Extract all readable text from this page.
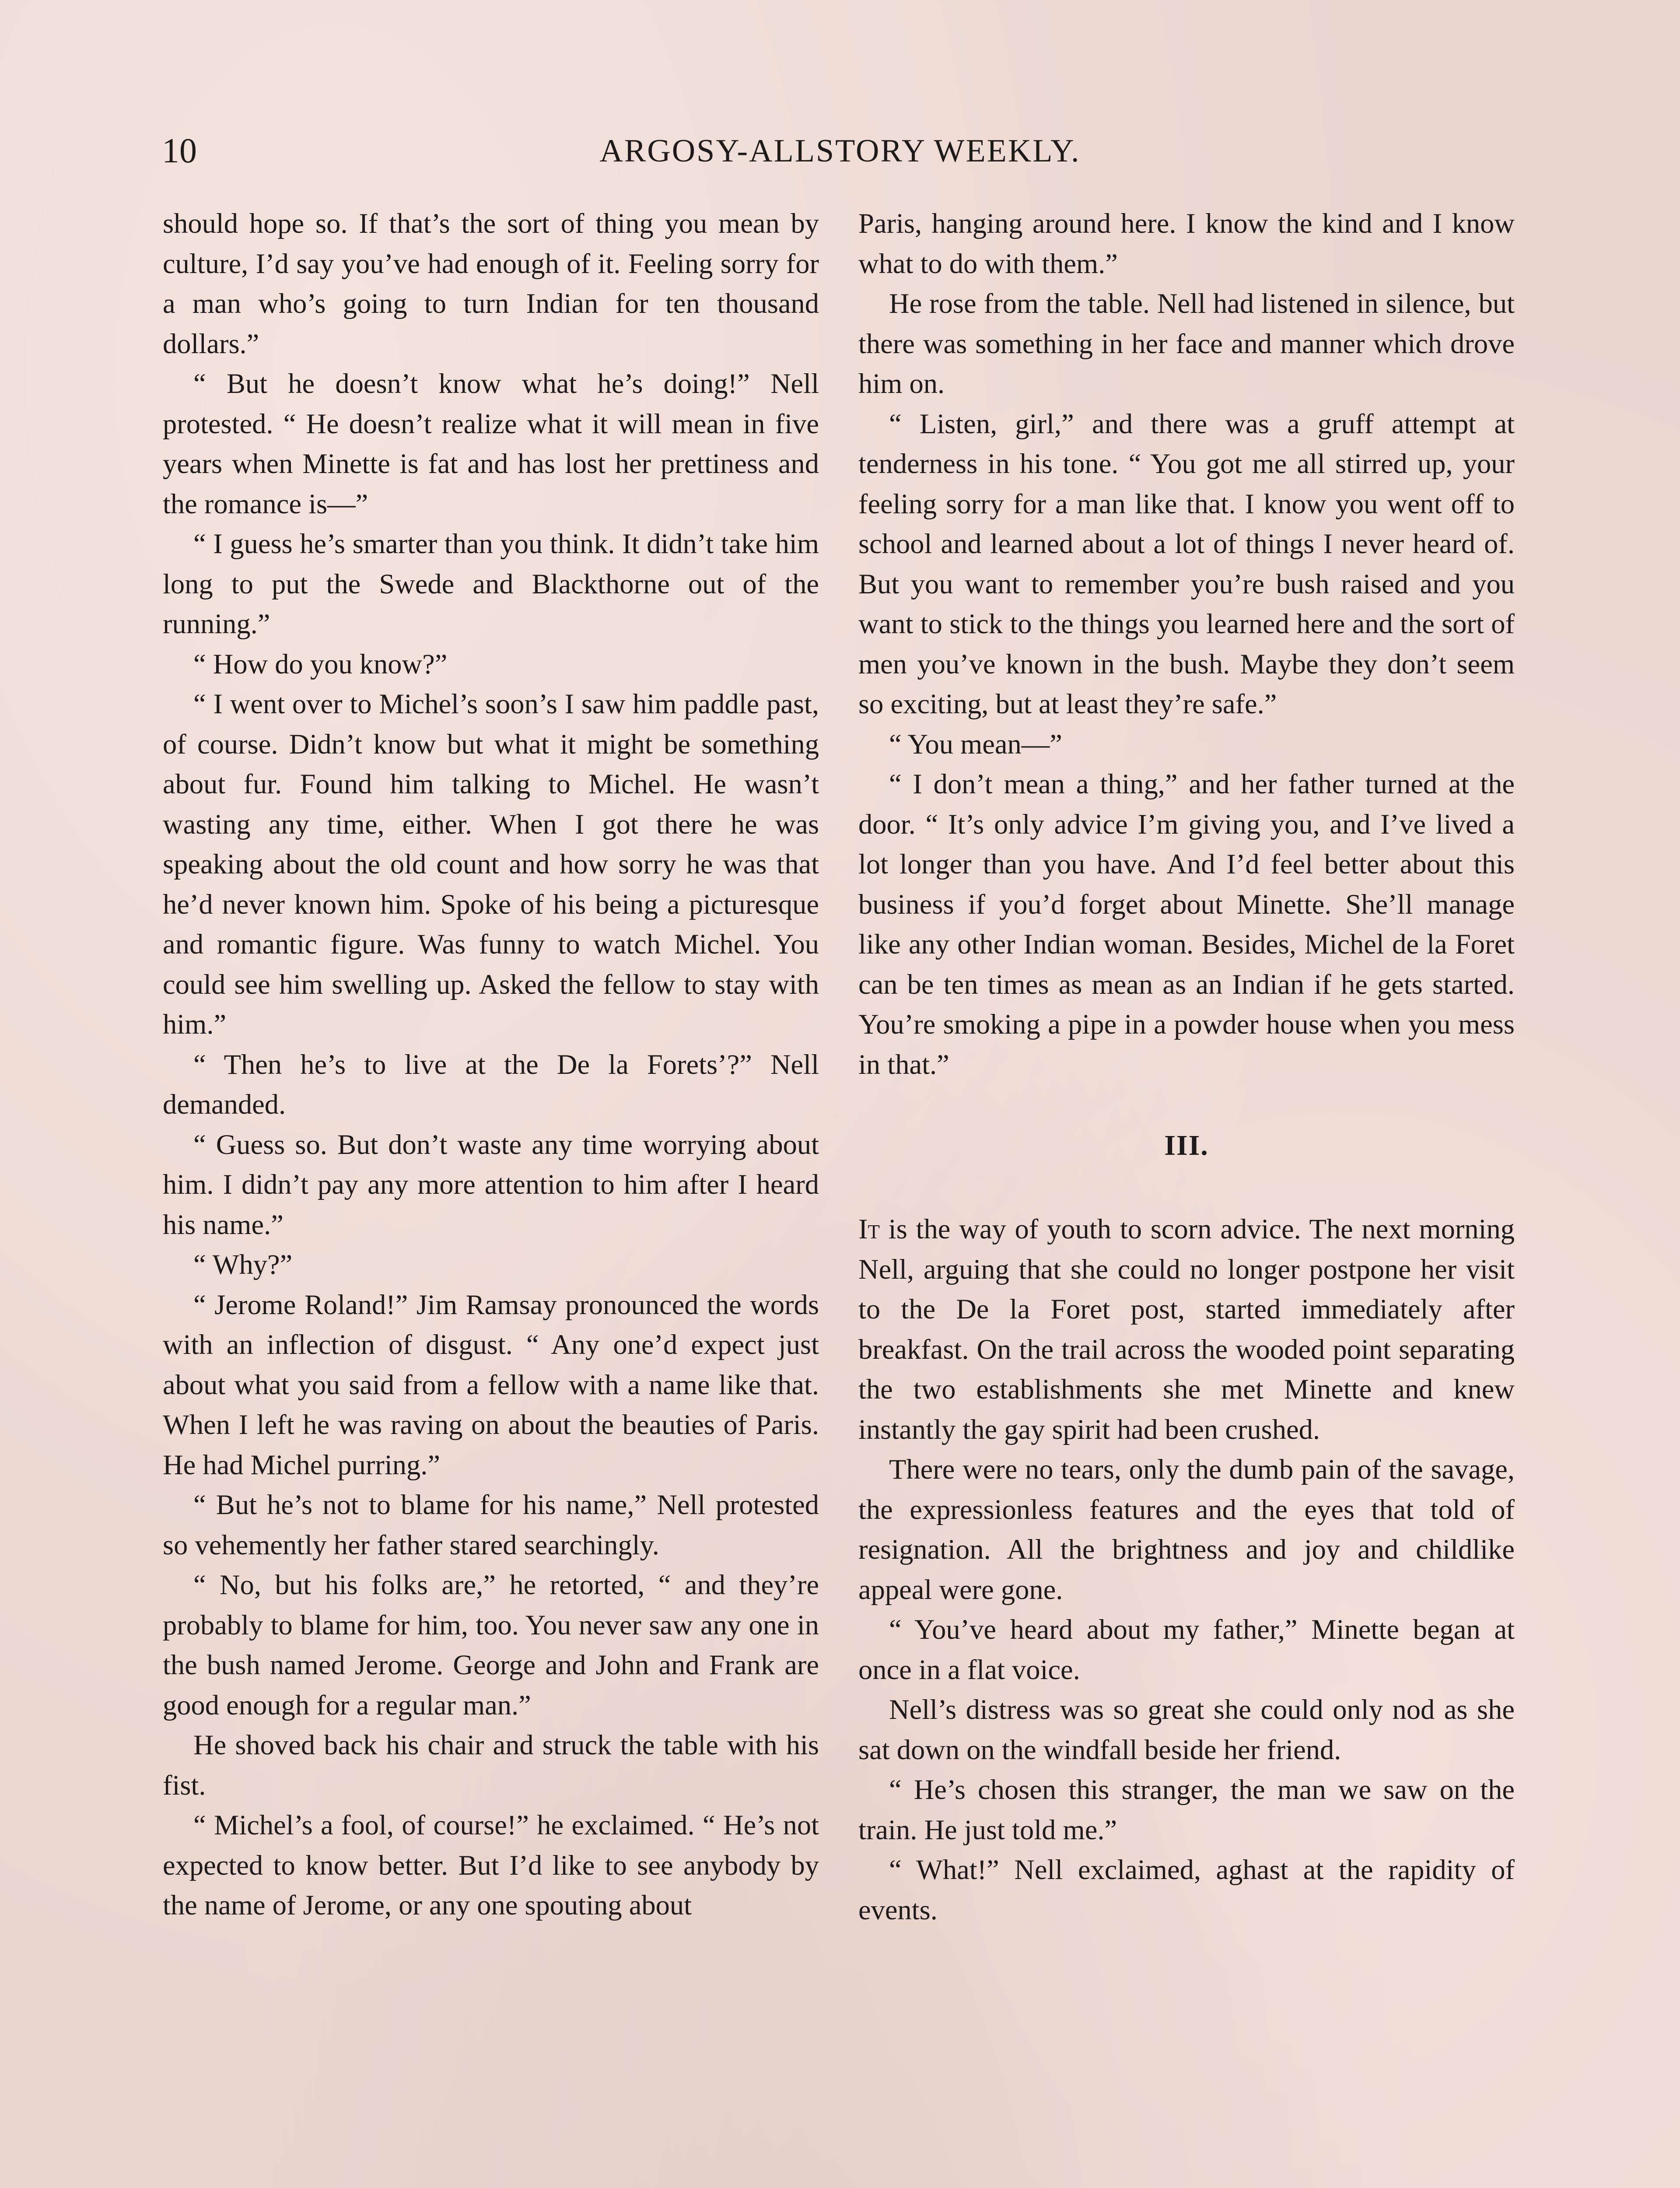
10	ARGOSY-ALLSTORY WEEKLY.

should hope so. If that’s the sort of thing you mean by culture, I’d say you’ve had enough of it. Feeling sorry for a man who’s going to turn Indian for ten thousand dollars.”

“ But he doesn’t know what he’s doing!” Nell protested. “ He doesn’t realize what it will mean in five years when Minette is fat and has lost her prettiness and the romance is—”

“ I guess he’s smarter than you think. It didn’t take him long to put the Swede and Blackthorne out of the running.”

“ How do you know?”

“ I went over to Michel’s soon’s I saw him paddle past, of course. Didn’t know but what it might be something about fur. Found him talking to Michel. He wasn’t wasting any time, either. When I got there he was speaking about the old count and how sorry he was that he’d never known him. Spoke of his being a picturesque and romantic figure. Was funny to watch Michel. You could see him swelling up. Asked the fellow to stay with him.”

“ Then he’s to live at the De la Forets’?” Nell demanded.

“ Guess so. But don’t waste any time worrying about him. I didn’t pay any more attention to him after I heard his name.”

“ Why?”

“ Jerome Roland!” Jim Ramsay pronounced the words with an inflection of disgust. “ Any one’d expect just about what you said from a fellow with a name like that. When I left he was raving on about the beauties of Paris. He had Michel purring.”

“ But he’s not to blame for his name,” Nell protested so vehemently her father stared searchingly.

“ No, but his folks are,” he retorted, “ and they’re probably to blame for him, too. You never saw any one in the bush named Jerome. George and John and Frank are good enough for a regular man.”

He shoved back his chair and struck the table with his fist.

“ Michel’s a fool, of course!” he exclaimed. “ He’s not expected to know better. But I’d like to see anybody by the name of Jerome, or any one spouting about

Paris, hanging around here. I know the kind and I know what to do with them.”

He rose from the table. Nell had listened in silence, but there was something in her face and manner which drove him on.

“ Listen, girl,” and there was a gruff attempt at tenderness in his tone. “ You got me all stirred up, your feeling sorry for a man like that. I know you went off to school and learned about a lot of things I never heard of. But you want to remember you’re bush raised and you want to stick to the things you learned here and the sort of men you’ve known in the bush. Maybe they don’t seem so exciting, but at least they’re safe.”

“ You mean—”

“ I don’t mean a thing,” and her father turned at the door. “ It’s only advice I’m giving you, and I’ve lived a lot longer than you have. And I’d feel better about this business if you’d forget about Minette. She’ll manage like any other Indian woman. Besides, Michel de la Foret can be ten times as mean as an Indian if he gets started. You’re smoking a pipe in a powder house when you mess in that.”

III.

It is the way of youth to scorn advice. The next morning Nell, arguing that she could no longer postpone her visit to the De la Foret post, started immediately after breakfast. On the trail across the wooded point separating the two establishments she met Minette and knew instantly the gay spirit had been crushed.

There were no tears, only the dumb pain of the savage, the expressionless features and the eyes that told of resignation. All the brightness and joy and childlike appeal were gone.

“ You’ve heard about my father,” Minette began at once in a flat voice.

Nell’s distress was so great she could only nod as she sat down on the windfall beside her friend.

“ He’s chosen this stranger, the man we saw on the train. He just told me.”

“ What!” Nell exclaimed, aghast at the rapidity of events.
